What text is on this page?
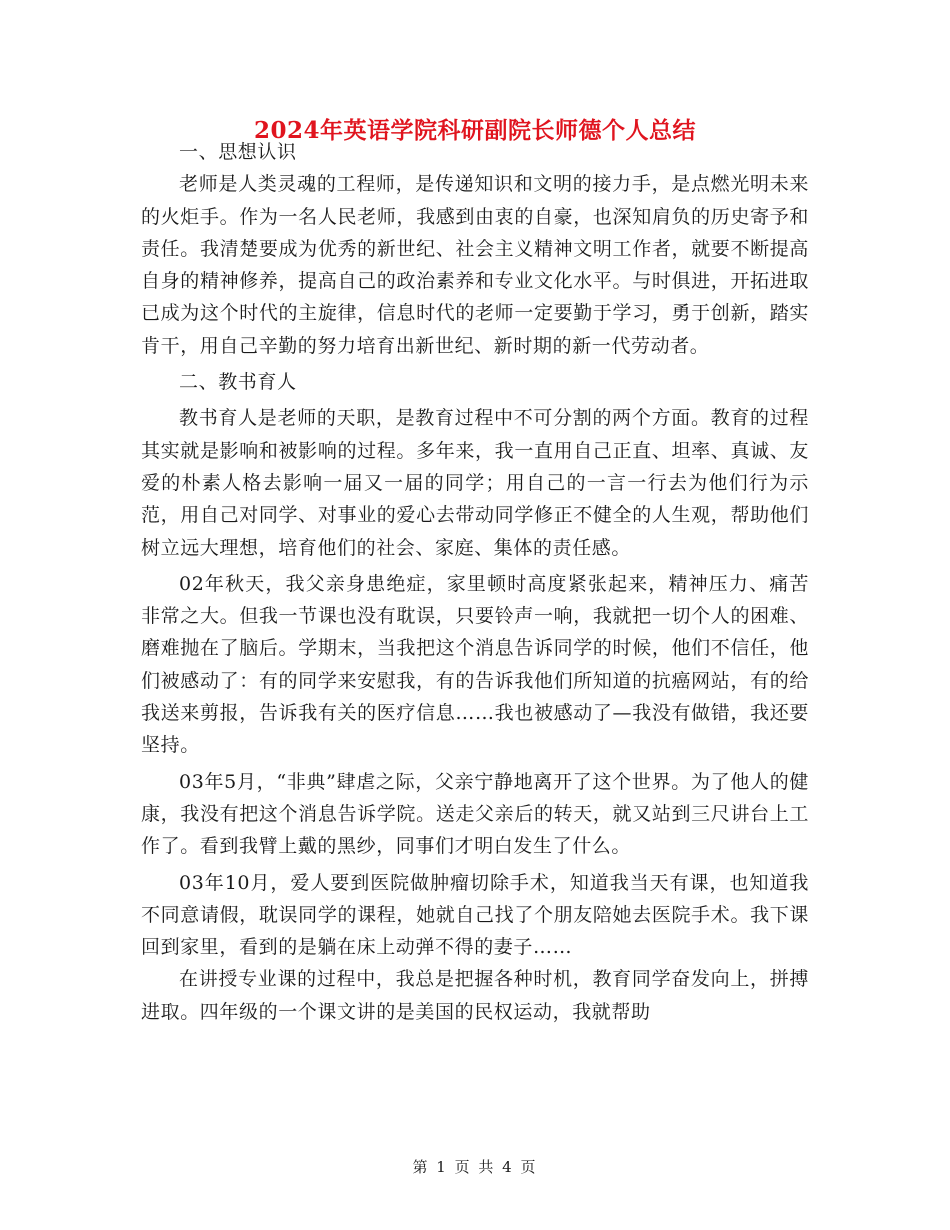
2024年英语学院科研副院长师德个人总结

一、思想认识

老师是人类灵魂的工程师，是传递知识和文明的接力手，是点燃光明未来的火炬手。作为一名人民老师，我感到由衷的自豪，也深知肩负的历史寄予和责任。我清楚要成为优秀的新世纪、社会主义精神文明工作者，就要不断提高自身的精神修养，提高自己的政治素养和专业文化水平。与时俱进，开拓进取已成为这个时代的主旋律，信息时代的老师一定要勤于学习，勇于创新，踏实肯干，用自己辛勤的努力培育出新世纪、新时期的新一代劳动者。

二、教书育人

教书育人是老师的天职，是教育过程中不可分割的两个方面。教育的过程其实就是影响和被影响的过程。多年来，我一直用自己正直、坦率、真诚、友爱的朴素人格去影响一届又一届的同学；用自己的一言一行去为他们行为示范，用自己对同学、对事业的爱心去带动同学修正不健全的人生观，帮助他们树立远大理想，培育他们的社会、家庭、集体的责任感。

02年秋天，我父亲身患绝症，家里顿时高度紧张起来，精神压力、痛苦非常之大。但我一节课也没有耽误，只要铃声一响，我就把一切个人的困难、磨难抛在了脑后。学期末，当我把这个消息告诉同学的时候，他们不信任，他们被感动了：有的同学来安慰我，有的告诉我他们所知道的抗癌网站，有的给我送来剪报，告诉我有关的医疗信息……我也被感动了—我没有做错，我还要坚持。

03年5月，“非典”肆虐之际，父亲宁静地离开了这个世界。为了他人的健康，我没有把这个消息告诉学院。送走父亲后的转天，就又站到三尺讲台上工作了。看到我臂上戴的黑纱，同事们才明白发生了什么。

03年10月，爱人要到医院做肿瘤切除手术，知道我当天有课，也知道我不同意请假，耽误同学的课程，她就自己找了个朋友陪她去医院手术。我下课回到家里，看到的是躺在床上动弹不得的妻子……

在讲授专业课的过程中，我总是把握各种时机，教育同学奋发向上，拼搏进取。四年级的一个课文讲的是美国的民权运动，我就帮助

第 1 页 共 4 页
